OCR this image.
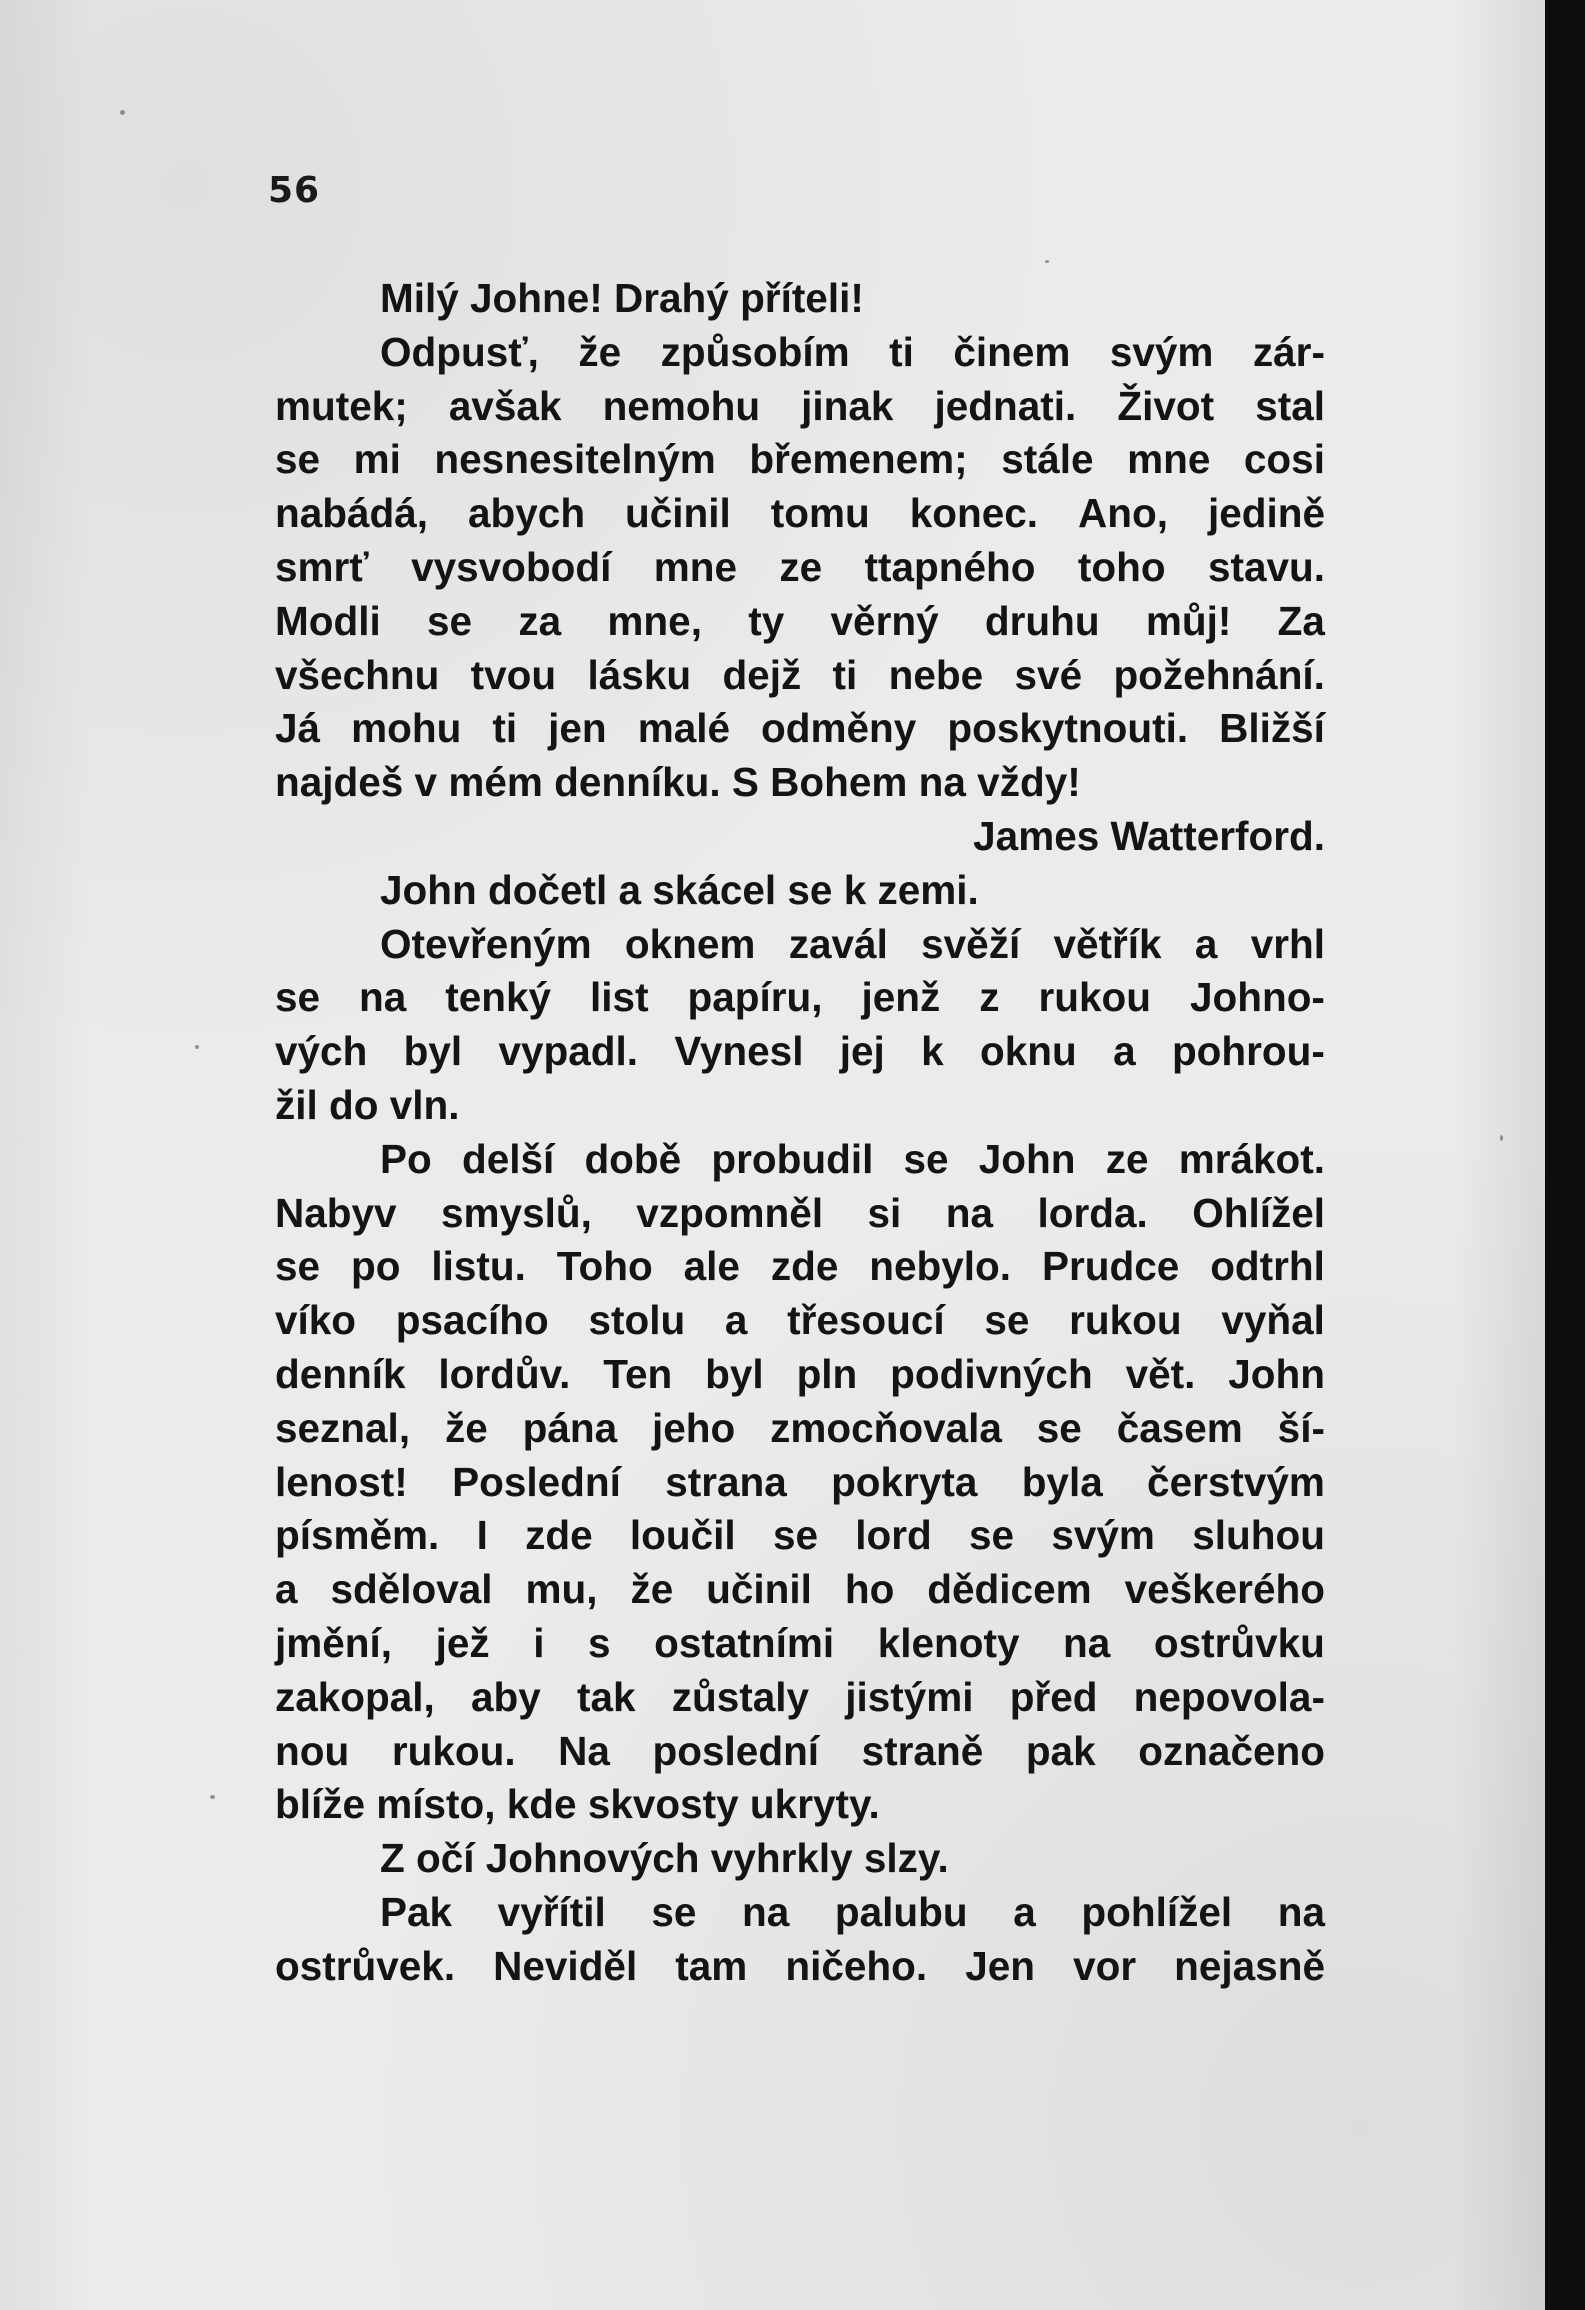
56
Milý Johne! Drahý příteli!
Odpusť, že způsobím ti činem svým zár-
mutek; avšak nemohu jinak jednati. Život stal
se mi nesnesitelným břemenem; stále mne cosi
nabádá, abych učinil tomu konec. Ano, jedině
smrť vysvobodí mne ze ttapného toho stavu.
Modli se za mne, ty věrný druhu můj! Za
všechnu tvou lásku dejž ti nebe své požehnání.
Já mohu ti jen malé odměny poskytnouti. Bližší
najdeš v mém denníku. S Bohem na vždy!
James Watterford.
John dočetl a skácel se k zemi.
Otevřeným oknem zavál svěží větřík a vrhl
se na tenký list papíru, jenž z rukou Johno-
vých byl vypadl. Vynesl jej k oknu a pohrou-
žil do vln.
Po delší době probudil se John ze mrákot.
Nabyv smyslů, vzpomněl si na lorda. Ohlížel
se po listu. Toho ale zde nebylo. Prudce odtrhl
víko psacího stolu a třesoucí se rukou vyňal
denník lordův. Ten byl pln podivných vět. John
seznal, že pána jeho zmocňovala se časem ší-
lenost! Poslední strana pokryta byla čerstvým
písměm. I zde loučil se lord se svým sluhou
a sděloval mu, že učinil ho dědicem veškerého
jmění, jež i s ostatními klenoty na ostrůvku
zakopal, aby tak zůstaly jistými před nepovola-
nou rukou. Na poslední straně pak označeno
blíže místo, kde skvosty ukryty.
Z očí Johnových vyhrkly slzy.
Pak vyřítil se na palubu a pohlížel na
ostrůvek. Neviděl tam ničeho. Jen vor nejasně
